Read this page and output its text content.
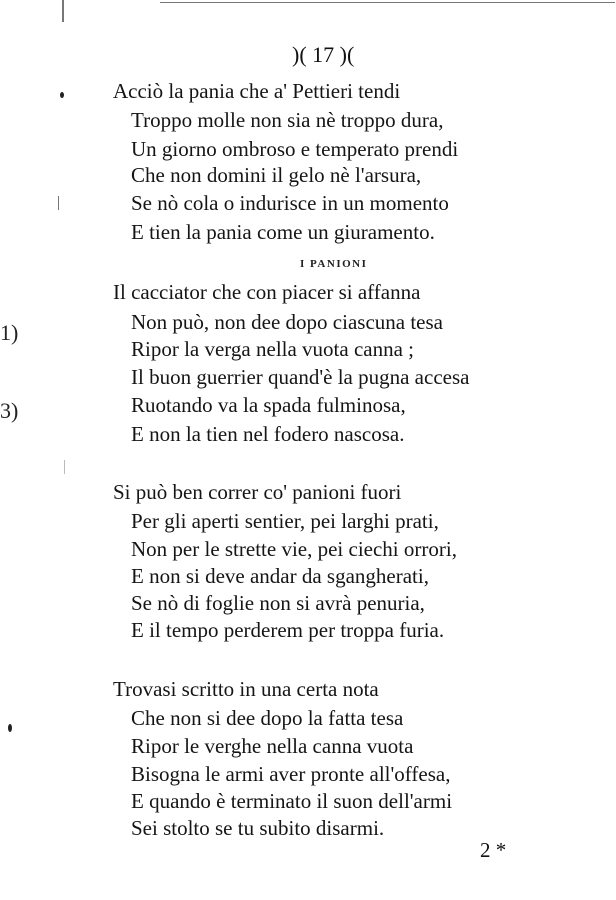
)( 17 )(
1)
3)
Acciò la pania che a' Pettieri tendi
Troppo molle non sia nè troppo dura,
Un giorno ombroso e temperato prendi
Che non domini il gelo nè l'arsura,
Se nò cola o indurisce in un momento
E tien la pania come un giuramento.
I PANIONI
Il cacciator che con piacer si affanna
Non può, non dee dopo ciascuna tesa
Ripor la verga nella vuota canna ;
Il buon guerrier quand'è la pugna accesa
Ruotando va la spada fulminosa,
E non la tien nel fodero nascosa.
Si può ben correr co' panioni fuori
Per gli aperti sentier, pei larghi prati,
Non per le strette vie, pei ciechi orrori,
E non si deve andar da sgangherati,
Se nò di foglie non si avrà penuria,
E il tempo perderem per troppa furia.
Trovasi scritto in una certa nota
Che non si dee dopo la fatta tesa
Ripor le verghe nella canna vuota
Bisogna le armi aver pronte all'offesa,
E quando è terminato il suon dell'armi
Sei stolto se tu subito disarmi.
2 *
